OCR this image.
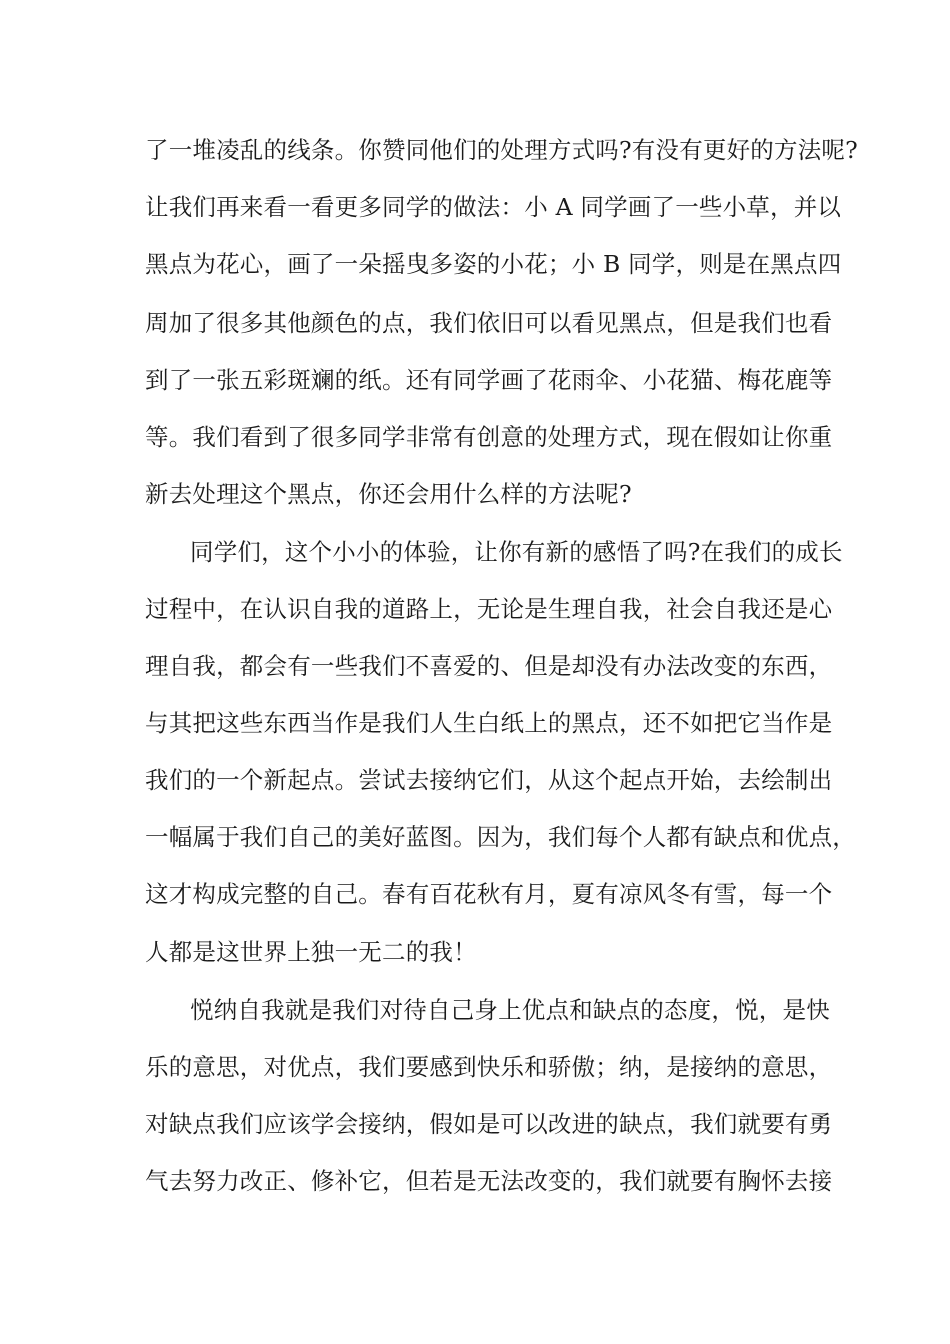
了一堆凌乱的线条。你赞同他们的处理方式吗?有没有更好的方法呢?
让我们再来看一看更多同学的做法：小 A 同学画了一些小草，并以
黑点为花心，画了一朵摇曳多姿的小花；小 B 同学，则是在黑点四
周加了很多其他颜色的点，我们依旧可以看见黑点，但是我们也看
到了一张五彩斑斓的纸。还有同学画了花雨伞、小花猫、梅花鹿等
等。我们看到了很多同学非常有创意的处理方式，现在假如让你重
新去处理这个黑点，你还会用什么样的方法呢?
同学们，这个小小的体验，让你有新的感悟了吗?在我们的成长
过程中，在认识自我的道路上，无论是生理自我，社会自我还是心
理自我，都会有一些我们不喜爱的、但是却没有办法改变的东西，
与其把这些东西当作是我们人生白纸上的黑点，还不如把它当作是
我们的一个新起点。尝试去接纳它们，从这个起点开始，去绘制出
一幅属于我们自己的美好蓝图。因为，我们每个人都有缺点和优点，
这才构成完整的自己。春有百花秋有月，夏有凉风冬有雪，每一个
人都是这世界上独一无二的我！
悦纳自我就是我们对待自己身上优点和缺点的态度，悦，是快
乐的意思，对优点，我们要感到快乐和骄傲；纳，是接纳的意思，
对缺点我们应该学会接纳，假如是可以改进的缺点，我们就要有勇
气去努力改正、修补它，但若是无法改变的，我们就要有胸怀去接
